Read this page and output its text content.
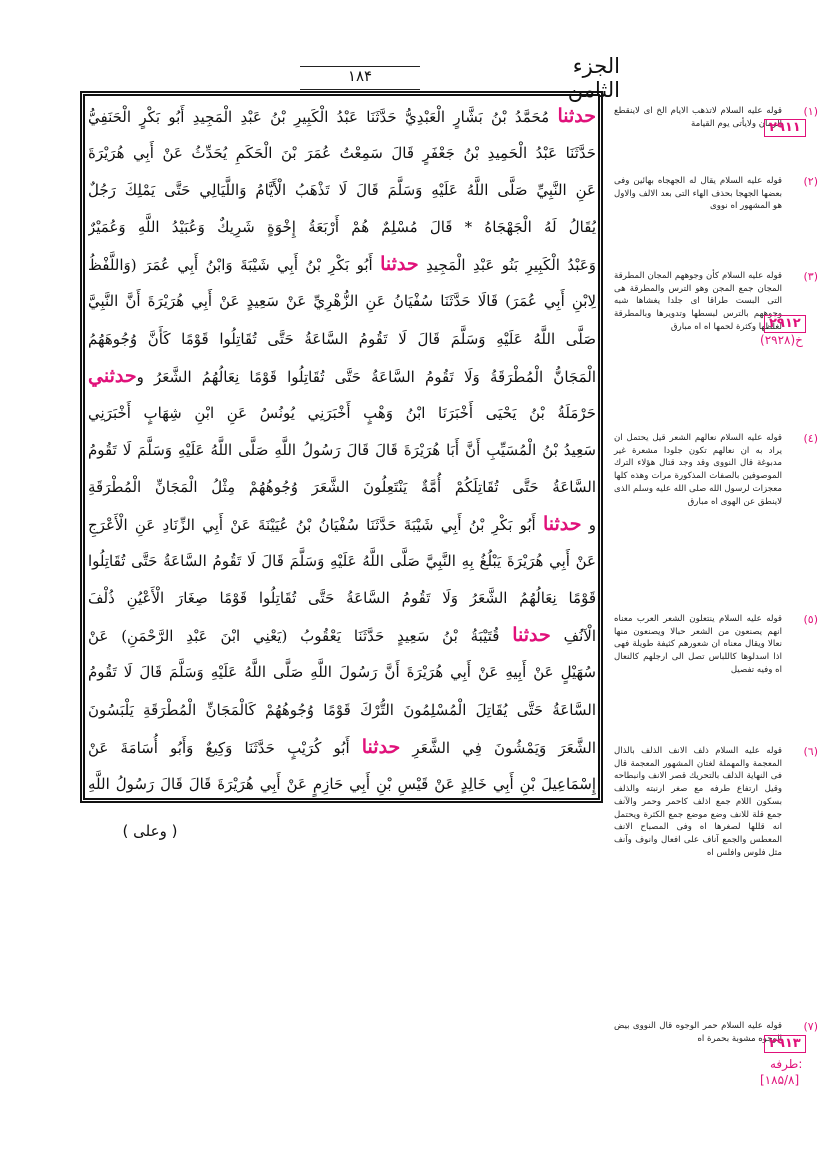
الجزء الثامن
۱۸۴
حدثنا مُحَمَّدُ بْنُ بَشَّارٍ الْعَبْدِيُّ حَدَّثَنَا عَبْدُ الْكَبِيرِ بْنُ عَبْدِ الْمَجِيدِ أَبُو بَكْرٍ الْحَنَفِيُّ
حَدَّثَنَا عَبْدُ الْحَمِيدِ بْنُ جَعْفَرٍ قَالَ سَمِعْتُ عُمَرَ بْنَ الْحَكَمِ يُحَدِّثُ عَنْ أَبِي هُرَيْرَةَ
عَنِ النَّبِيِّ صَلَّى اللَّهُ عَلَيْهِ وَسَلَّمَ قَالَ لَا تَذْهَبُ الْأَيَّامُ وَاللَّيَالِي حَتَّى يَمْلِكَ رَجُلٌ
يُقَالُ لَهُ الْجَهْجَاهُ * قَالَ مُسْلِمٌ هُمْ أَرْبَعَةُ إِخْوَةٍ شَرِيكٌ وَعُبَيْدُ اللَّهِ وَعُمَيْرٌ
وَعَبْدُ الْكَبِيرِ بَنُو عَبْدِ الْمَجِيدِ حدثنا أَبُو بَكْرِ بْنُ أَبِي شَيْبَةَ وَابْنُ أَبِي عُمَرَ (وَاللَّفْظُ
لِابْنِ أَبِي عُمَرَ) قَالَا حَدَّثَنَا سُفْيَانُ عَنِ الزُّهْرِيِّ عَنْ سَعِيدٍ عَنْ أَبِي هُرَيْرَةَ أَنَّ النَّبِيَّ
صَلَّى اللَّهُ عَلَيْهِ وَسَلَّمَ قَالَ لَا تَقُومُ السَّاعَةُ حَتَّى تُقَاتِلُوا قَوْمًا كَأَنَّ وُجُوهَهُمُ
الْمَجَانُّ الْمُطْرَقَةُ وَلَا تَقُومُ السَّاعَةُ حَتَّى تُقَاتِلُوا قَوْمًا نِعَالُهُمُ الشَّعَرُ وحدثني
حَرْمَلَةُ بْنُ يَحْيَى أَخْبَرَنَا ابْنُ وَهْبٍ أَخْبَرَنِي يُونُسُ عَنِ ابْنِ شِهَابٍ أَخْبَرَنِي
سَعِيدُ بْنُ الْمُسَيِّبِ أَنَّ أَبَا هُرَيْرَةَ قَالَ قَالَ رَسُولُ اللَّهِ صَلَّى اللَّهُ عَلَيْهِ وَسَلَّمَ لَا تَقُومُ
السَّاعَةُ حَتَّى تُقَاتِلَكُمْ أُمَّةٌ يَنْتَعِلُونَ الشَّعَرَ وُجُوهُهُمْ مِثْلُ الْمَجَانِّ الْمُطْرَقَةِ
و حدثنا أَبُو بَكْرِ بْنُ أَبِي شَيْبَةَ حَدَّثَنَا سُفْيَانُ بْنُ عُيَيْنَةَ عَنْ أَبِي الزِّنَادِ عَنِ الْأَعْرَجِ
عَنْ أَبِي هُرَيْرَةَ يَبْلُغُ بِهِ النَّبِيَّ صَلَّى اللَّهُ عَلَيْهِ وَسَلَّمَ قَالَ لَا تَقُومُ السَّاعَةُ حَتَّى تُقَاتِلُوا
قَوْمًا نِعَالُهُمُ الشَّعَرُ وَلَا تَقُومُ السَّاعَةُ حَتَّى تُقَاتِلُوا قَوْمًا صِغَارَ الْأَعْيُنِ ذُلْفَ
الْآنُفِ حدثنا قُتَيْبَةُ بْنُ سَعِيدٍ حَدَّثَنَا يَعْقُوبُ (يَعْنِي ابْنَ عَبْدِ الرَّحْمَنِ) عَنْ
سُهَيْلٍ عَنْ أَبِيهِ عَنْ أَبِي هُرَيْرَةَ أَنَّ رَسُولَ اللَّهِ صَلَّى اللَّهُ عَلَيْهِ وَسَلَّمَ قَالَ لَا تَقُومُ
السَّاعَةُ حَتَّى يُقَاتِلَ الْمُسْلِمُونَ التُّرْكَ قَوْمًا وُجُوهُهُمْ كَالْمَجَانِّ الْمُطْرَقَةِ يَلْبَسُونَ
الشَّعَرَ وَيَمْشُونَ فِي الشَّعَرِ حدثنا أَبُو كُرَيْبٍ حَدَّثَنَا وَكِيعٌ وَأَبُو أُسَامَةَ عَنْ
إِسْمَاعِيلَ بْنِ أَبِي خَالِدٍ عَنْ قَيْسِ بْنِ أَبِي حَازِمٍ عَنْ أَبِي هُرَيْرَةَ قَالَ قَالَ رَسُولُ اللَّهِ
(۱)
قوله عليه السلام لاتذهب الايام الخ اى لاينقطع الزمان ولايأتى يوم القيامة
(۲)
قوله عليه السلام يقال له الجهجاه بهائين وفى بعضها الجهجا بحذف الهاء التى بعد الالف والاول هو المشهور اه نووى
(۳)
قوله عليه السلام كأن وجوههم المجان المطرقة المجان جمع المجن وهو الترس والمطرقة هى التى البست طراقا اى جلدا يغشاها شبه وجوههم بالترس لبسطها وتدويرها وبالمطرقة لغلظها وكثرة لحمها اه اه مبارق
(٤)
قوله عليه السلام نعالهم الشعر قيل يحتمل ان يراد به ان نعالهم تكون جلودا مشعرة غير مدبوغة قال النووى وقد وجد قتال هؤلاء الترك الموصوفين بالصفات المذكورة مرات وهذه كلها معجزات لرسول الله صلى الله عليه وسلم الذى لاينطق عن الهوى اه مبارق
(٥)
قوله عليه السلام ينتعلون الشعر العرب معناه انهم يصنعون من الشعر حبالا ويصنعون منها نعالا ويقال معناه ان شعورهم كثيفة طويلة فهى اذا اسدلوها كاللباس تصل الى ارجلهم كالنعال اه وفيه تفصيل
(٦)
قوله عليه السلام ذلف الانف الذلف بالذال المعجمة والمهملة لغتان المشهور المعجمة قال فى النهاية الذلف بالتحريك قصر الانف وانبطاحه وقيل ارتفاع طرفه مع صغر ارنبته والذلف بسكون اللام جمع اذلف كاحمر وحمر والآنف جمع قلة للانف وضع موضع جمع الكثرة ويحتمل انه قللها لصغرها اه وفى المصباح الانف المعطس والجمع آناف على افعال وانوف وآنف مثل فلوس وافلس اه
(٧)
قوله عليه السلام حمر الوجوه قال النووى بيض الوجوه مشوبة بحمرة اه
۲۹۱۱
۲۹۱۲
خ(۲۹۲۸)
۲۹۱۳
طرفه:
[۱۸۵/۸]
( وعلى )
